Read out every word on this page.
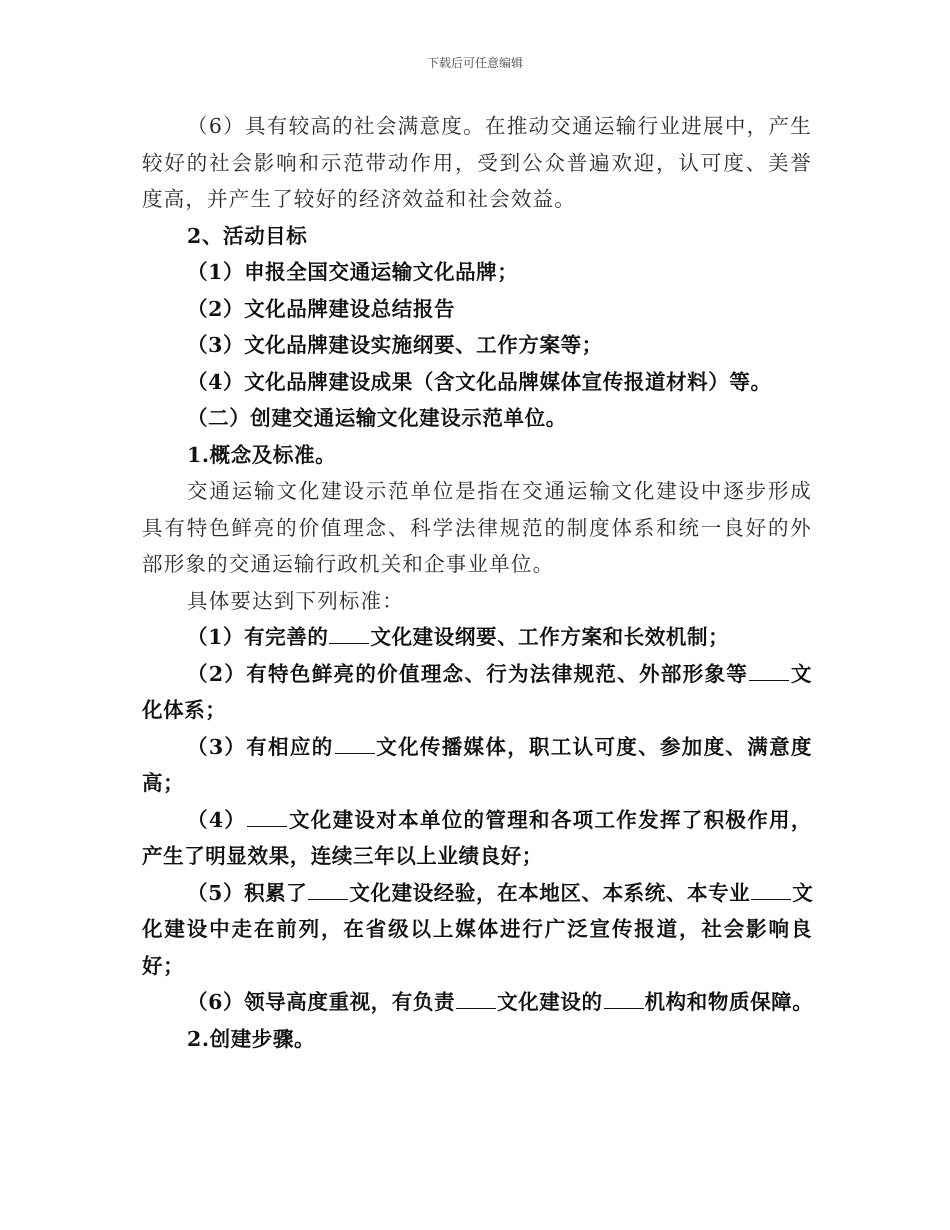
下载后可任意编辑
（6）具有较高的社会满意度。在推动交通运输行业进展中，产生
较好的社会影响和示范带动作用，受到公众普遍欢迎，认可度、美誉
度高，并产生了较好的经济效益和社会效益。
2、活动目标
（1）申报全国交通运输文化品牌；
（2）文化品牌建设总结报告
（3）文化品牌建设实施纲要、工作方案等；
（4）文化品牌建设成果（含文化品牌媒体宣传报道材料）等。
（二）创建交通运输文化建设示范单位。
1.概念及标准。
交通运输文化建设示范单位是指在交通运输文化建设中逐步形成
具有特色鲜亮的价值理念、科学法律规范的制度体系和统一良好的外
部形象的交通运输行政机关和企事业单位。
具体要达到下列标准：
（1）有完善的 文化建设纲要、工作方案和长效机制；
（2）有特色鲜亮的价值理念、行为法律规范、外部形象等 文
化体系；
（3）有相应的 文化传播媒体，职工认可度、参加度、满意度
高；
（4） 文化建设对本单位的管理和各项工作发挥了积极作用，
产生了明显效果，连续三年以上业绩良好；
（5）积累了 文化建设经验，在本地区、本系统、本专业 文
化建设中走在前列，在省级以上媒体进行广泛宣传报道，社会影响良
好；
（6）领导高度重视，有负责 文化建设的 机构和物质保障。
2.创建步骤。
